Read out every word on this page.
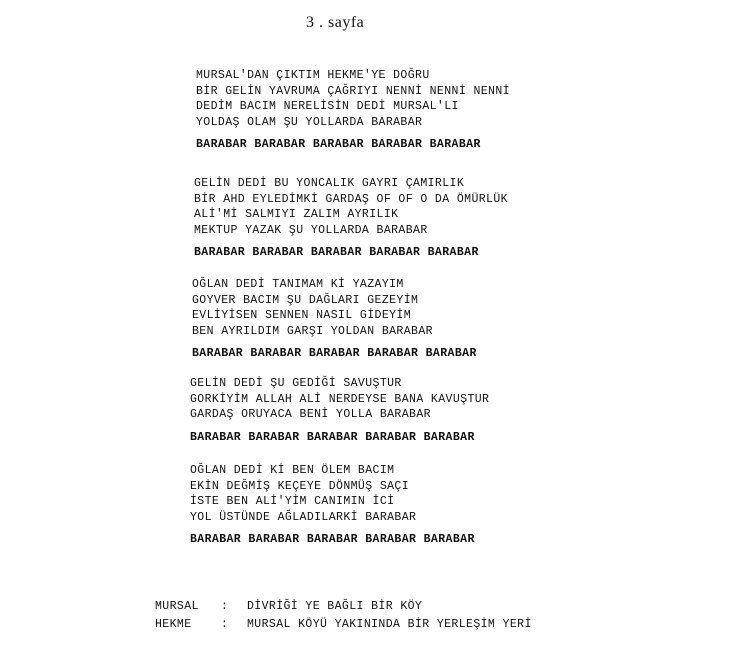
3 . sayfa
MURSAL'DAN ÇIKTIM HEKME'YE DOĞRU
BİR GELİN YAVRUMA ÇAĞRIYI NENNİ NENNİ NENNİ
DEDİM BACIM NERELİSİN DEDİ MURSAL'LI
YOLDAŞ OLAM ŞU YOLLARDA BARABAR
BARABAR BARABAR BARABAR BARABAR BARABAR
GELİN DEDİ BU YONCALIK GAYRI ÇAMIRLIK
BİR AHD EYLEDİMKİ GARDAŞ OF OF O DA ÖMÜRLÜK
ALİ'Mİ SALMIYI ZALIM AYRILIK
MEKTUP YAZAK ŞU YOLLARDA BARABAR
BARABAR BARABAR BARABAR BARABAR BARABAR
OĞLAN DEDİ TANIMAM Kİ YAZAYIM
GOYVER BACIM ŞU DAĞLARI GEZEYİM
EVLİYİSEN SENNEN NASIL GİDEYİM
BEN AYRILDIM GARŞI YOLDAN BARABAR
BARABAR BARABAR BARABAR BARABAR BARABAR
GELİN DEDİ ŞU GEDİĞİ SAVUŞTUR
GORKİYİM ALLAH ALİ NERDEYSE BANA KAVUŞTUR
GARDAŞ ORUYACA BENİ YOLLA BARABAR
BARABAR BARABAR BARABAR BARABAR BARABAR
OĞLAN DEDİ Kİ BEN ÖLEM BACIM
EKİN DEĞMİŞ KEÇEYE DÖNMÜŞ SAÇI
İSTE BEN ALİ'YİM CANIMIN İCİ
YOL ÜSTÜNDE AĞLADILARKİ BARABAR
BARABAR BARABAR BARABAR BARABAR BARABAR
MURSAL	:	DİVRİĞİ YE BAĞLI BİR KÖY
HEKME	:	MURSAL KÖYÜ YAKININDA BİR YERLEŞİM YERİ
